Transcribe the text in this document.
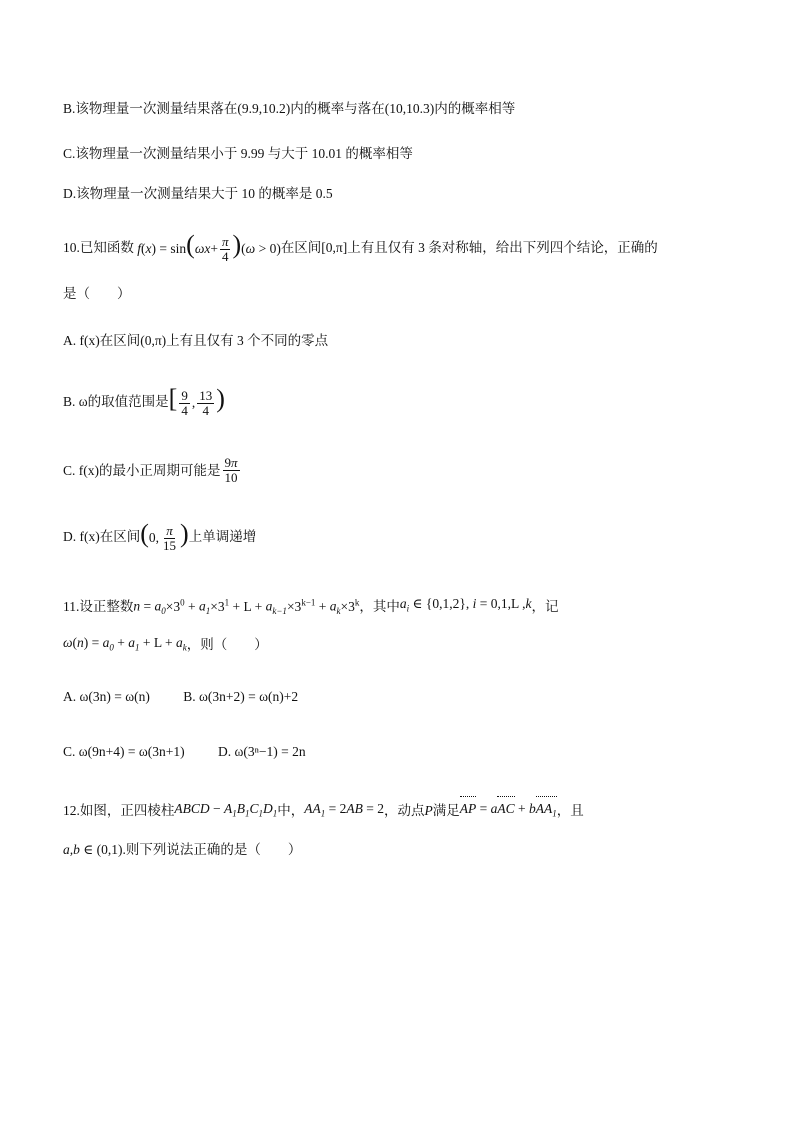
B.该物理量一次测量结果落在(9.9,10.2)内的概率与落在(10,10.3)内的概率相等
C.该物理量一次测量结果小于 9.99 与大于 10.01 的概率相等
D.该物理量一次测量结果大于 10 的概率是 0.5
10.已知函数 $f(x) = \sin(\omega x+ \frac{\pi}{4} )(\omega > 0)$ 在区间[0,π]上有且仅有 3 条对称轴，给出下列四个结论，正确的
是（　　）
A. f(x)在区间(0,π)上有且仅有 3 个不同的零点
B. ω的取值范围是 [ $\frac{9}{4}$ , $\frac{13}{4}$ )
C. f(x)的最小正周期可能是 $\frac{9\pi}{10}$
D. f(x)在区间 (0, $\frac{\pi}{15}$ ) 上单调递增
11.设正整数 $n = a_0\times 3^0 + a_1\times 3^1 + L + a_{k-1}\times 3^{k-1} + a_k\times 3^k$ ，其中 $a_i$ ∈ {0,1,2}, i = 0,1,L ,k ，记
$\omega(n) = a_0 + a_1 + L + a_k$ ，则（　　）
A. ω(3n) = ω(n) B. ω(3n+2) = ω(n)+2
C. ω(9n+4) = ω(3n+1) D. ω(3ⁿ−1) = 2n
12.如图，正四棱柱 ABCD − $A_1B_1C_1D_1$ 中， $AA_1 = 2AB = 2$ ，动点 P 满足 AP = aAC + bAA$_1$ ，且
a,b ∈ (0,1) .则下列说法正确的是（　　）
